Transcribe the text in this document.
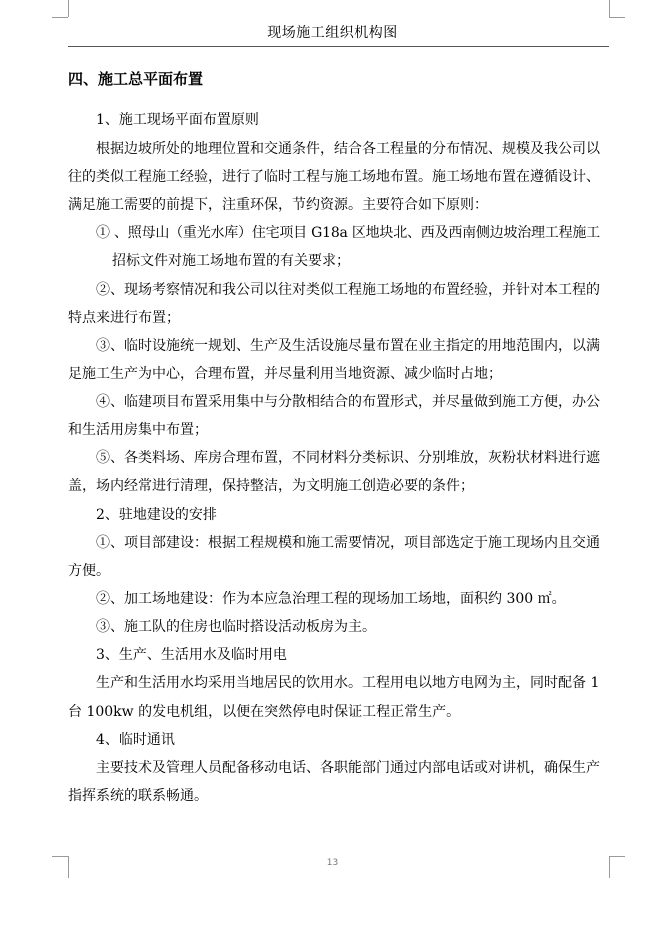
现场施工组织机构图
四、施工总平面布置
1、施工现场平面布置原则
根据边坡所处的地理位置和交通条件，结合各工程量的分布情况、规模及我公司以
往的类似工程施工经验，进行了临时工程与施工场地布置。施工场地布置在遵循设计、
满足施工需要的前提下，注重环保，节约资源。主要符合如下原则：
① 、照母山（重光水库）住宅项目 G18a 区地块北、西及西南侧边坡治理工程施工
招标文件对施工场地布置的有关要求；
②、现场考察情况和我公司以往对类似工程施工场地的布置经验，并针对本工程的
特点来进行布置；
③、临时设施统一规划、生产及生活设施尽量布置在业主指定的用地范围内，以满
足施工生产为中心，合理布置，并尽量利用当地资源、减少临时占地；
④、临建项目布置采用集中与分散相结合的布置形式，并尽量做到施工方便，办公
和生活用房集中布置；
⑤、各类料场、库房合理布置，不同材料分类标识、分别堆放，灰粉状材料进行遮
盖，场内经常进行清理，保持整洁，为文明施工创造必要的条件；
2、驻地建设的安排
①、项目部建设：根据工程规模和施工需要情况，项目部选定于施工现场内且交通
方便。
②、加工场地建设：作为本应急治理工程的现场加工场地，面积约 300 ㎡。
③、施工队的住房也临时搭设活动板房为主。
3、生产、生活用水及临时用电
生产和生活用水均采用当地居民的饮用水。工程用电以地方电网为主，同时配备 1
台 100kw 的发电机组，以便在突然停电时保证工程正常生产。
4、临时通讯
主要技术及管理人员配备移动电话、各职能部门通过内部电话或对讲机，确保生产
指挥系统的联系畅通。
13
